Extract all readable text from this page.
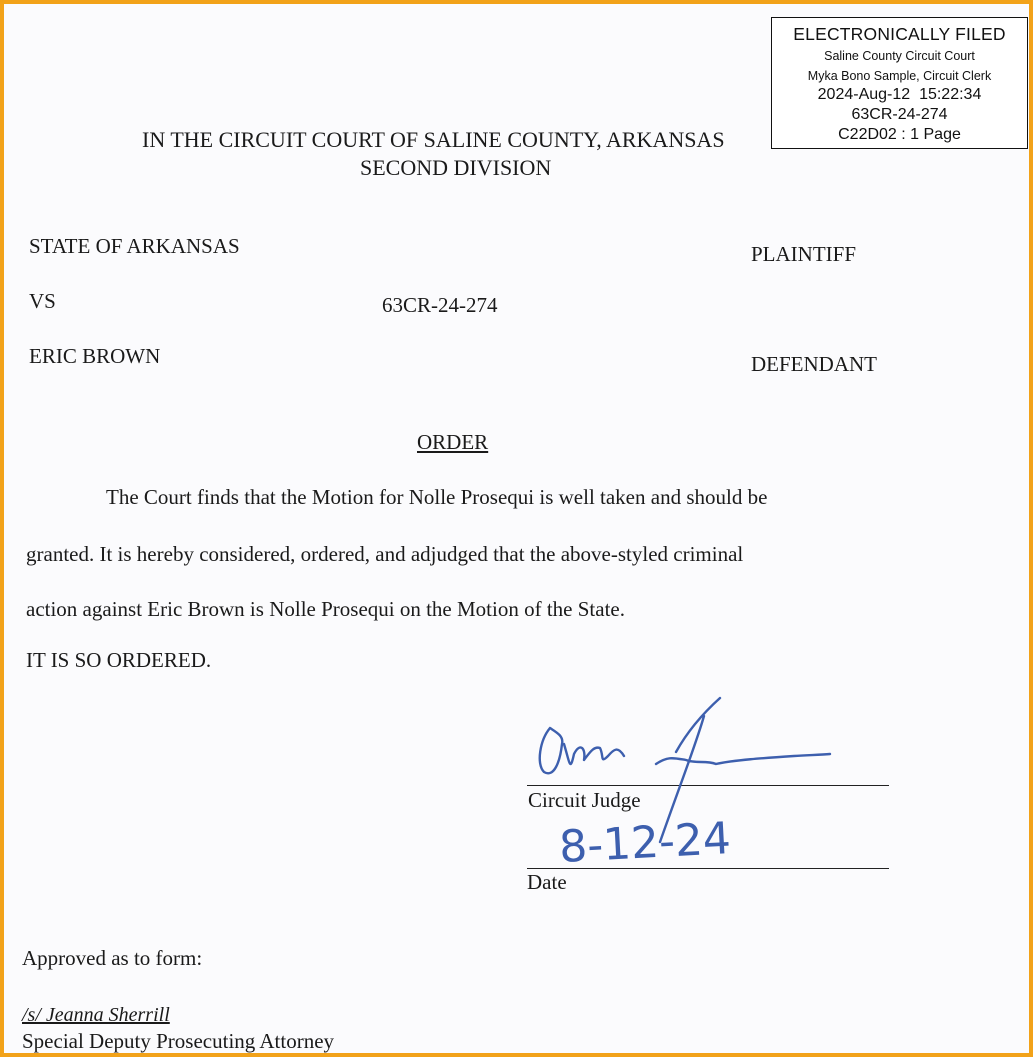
ELECTRONICALLY FILED
Saline County Circuit Court
Myka Bono Sample, Circuit Clerk
2024-Aug-12  15:22:34
63CR-24-274
C22D02 : 1 Page
IN THE CIRCUIT COURT OF SALINE COUNTY, ARKANSAS
SECOND DIVISION
STATE OF ARKANSAS	PLAINTIFF
VS	63CR-24-274
ERIC BROWN	DEFENDANT
ORDER
The Court finds that the Motion for Nolle Prosequi is well taken and should be
granted. It is hereby considered, ordered, and adjudged that the above-styled criminal
action against Eric Brown is Nolle Prosequi on the Motion of the State.
IT IS SO ORDERED.
Circuit Judge
Date
8-12-24
Approved as to form:
/s/ Jeanna Sherrill
Special Deputy Prosecuting Attorney
